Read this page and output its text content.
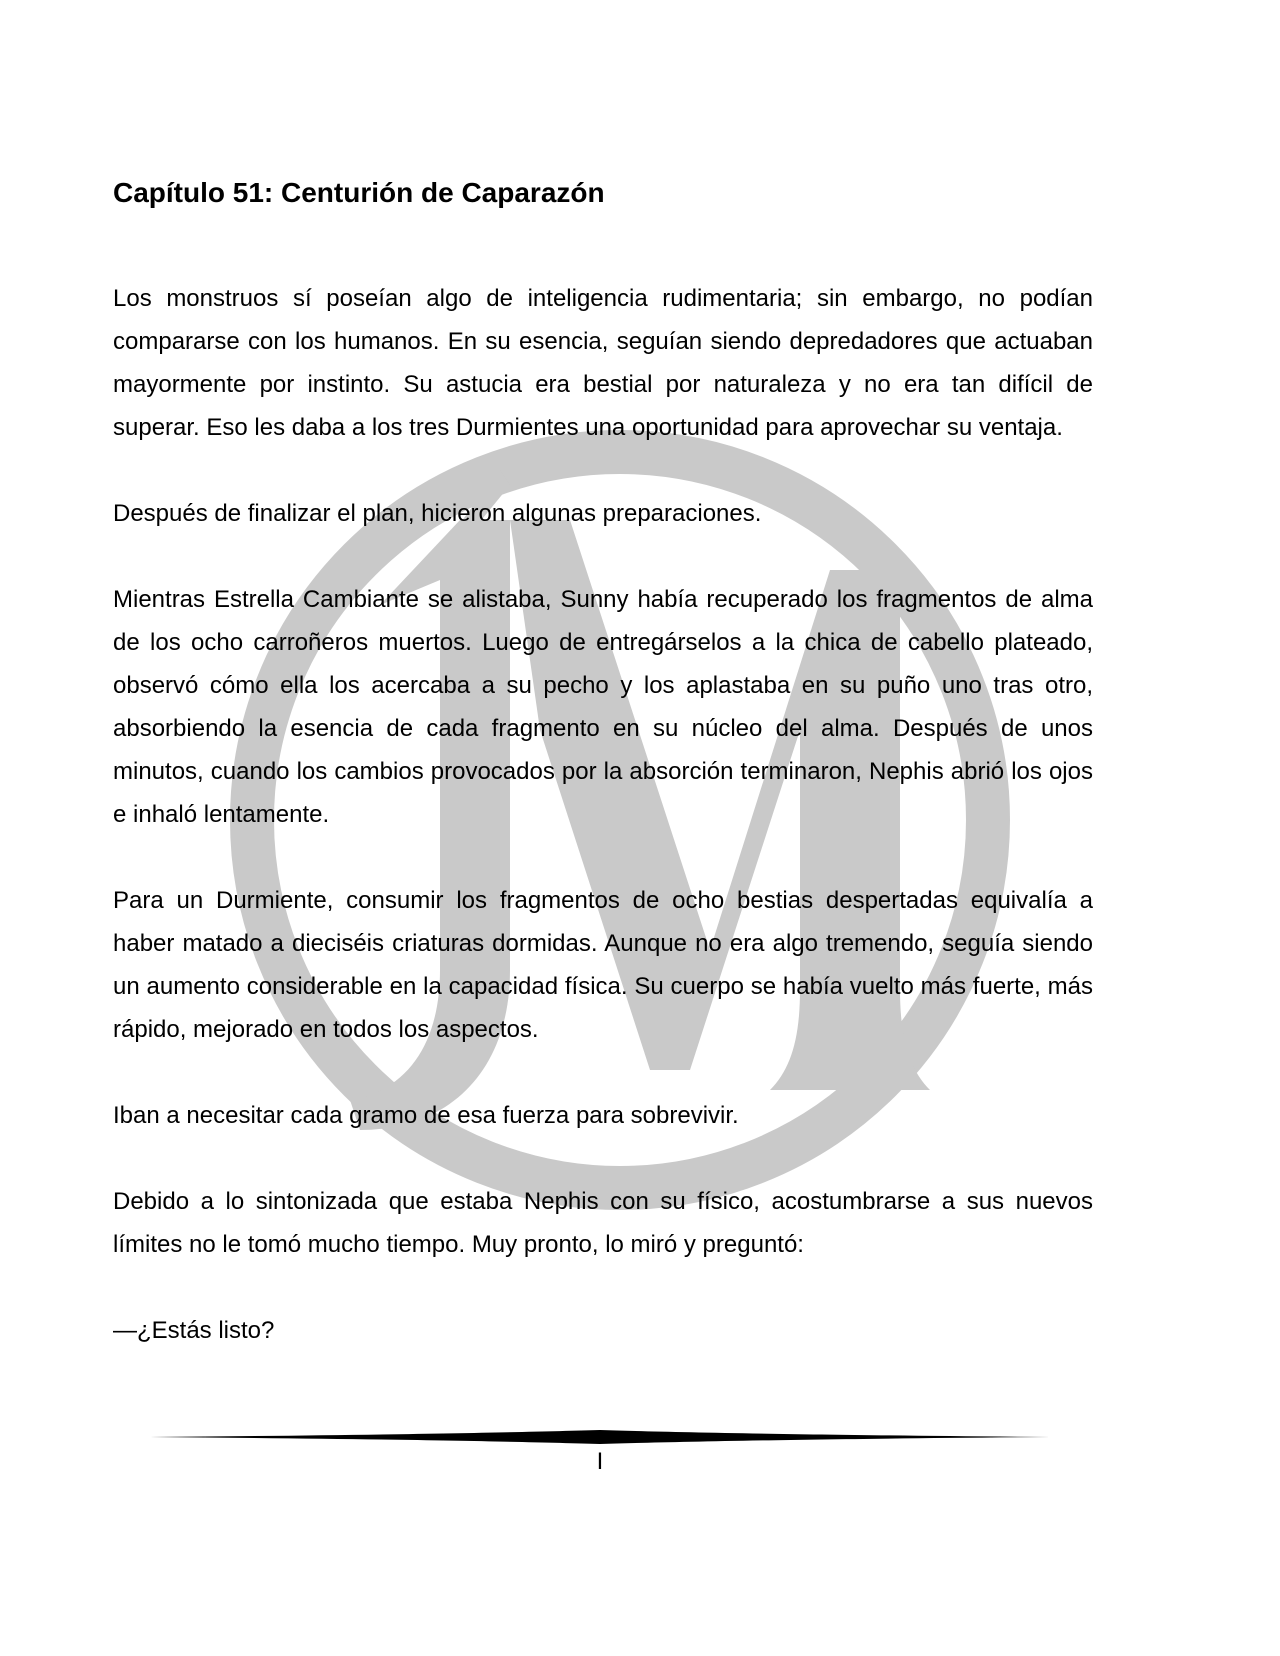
Capítulo 51: Centurión de Caparazón

Los monstruos sí poseían algo de inteligencia rudimentaria; sin embargo, no podían compararse con los humanos. En su esencia, seguían siendo depredadores que actuaban mayormente por instinto. Su astucia era bestial por naturaleza y no era tan difícil de superar. Eso les daba a los tres Durmientes una oportunidad para aprovechar su ventaja.

Después de finalizar el plan, hicieron algunas preparaciones.

Mientras Estrella Cambiante se alistaba, Sunny había recuperado los fragmentos de alma de los ocho carroñeros muertos. Luego de entregárselos a la chica de cabello plateado, observó cómo ella los acercaba a su pecho y los aplastaba en su puño uno tras otro, absorbiendo la esencia de cada fragmento en su núcleo del alma. Después de unos minutos, cuando los cambios provocados por la absorción terminaron, Nephis abrió los ojos e inhaló lentamente.

Para un Durmiente, consumir los fragmentos de ocho bestias despertadas equivalía a haber matado a dieciséis criaturas dormidas. Aunque no era algo tremendo, seguía siendo un aumento considerable en la capacidad física. Su cuerpo se había vuelto más fuerte, más rápido, mejorado en todos los aspectos.

Iban a necesitar cada gramo de esa fuerza para sobrevivir.

Debido a lo sintonizada que estaba Nephis con su físico, acostumbrarse a sus nuevos límites no le tomó mucho tiempo. Muy pronto, lo miró y preguntó:

—¿Estás listo?

I
